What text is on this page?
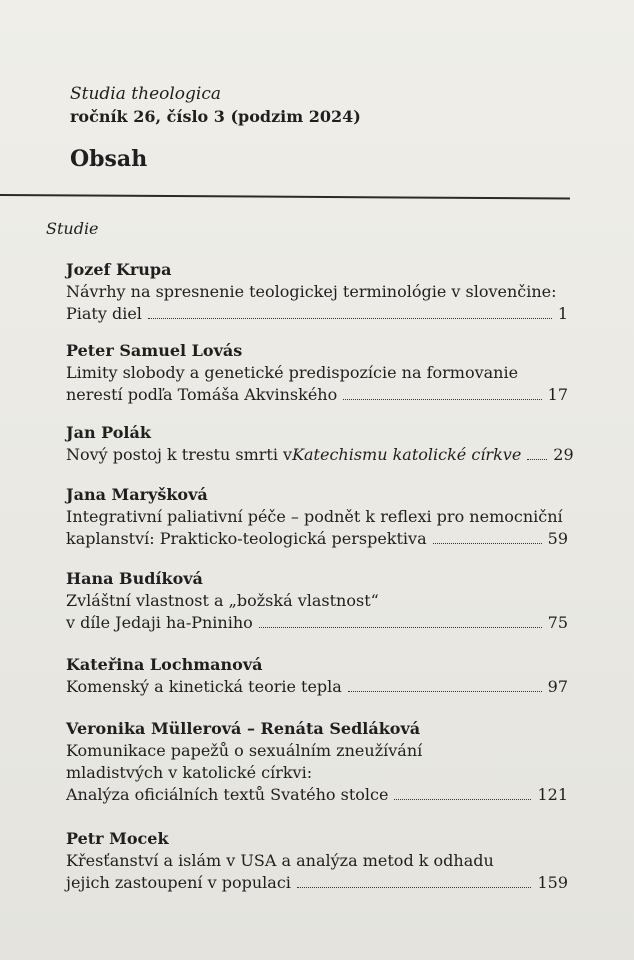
Studia theologica
ročník 26, číslo 3 (podzim 2024)
Obsah
Studie
Jozef Krupa
Návrhy na spresnenie teologickej terminológie v slovenčine:
Piaty diel	1
Peter Samuel Lovás
Limity slobody a genetické predispozície na formovanie
nerestí podľa Tomáša Akvinského	17
Jan Polák
Nový postoj k trestu smrti v Katechismu katolické církve 29
Jana Maryšková
Integrativní paliativní péče – podnět k reflexi pro nemocniční
kaplanství: Prakticko-teologická perspektiva	59
Hana Budíková
Zvláštní vlastnost a „božská vlastnost“
v díle Jedaji ha-Pniniho	75
Kateřina Lochmanová
Komenský a kinetická teorie tepla	97
Veronika Müllerová – Renáta Sedláková
Komunikace papežů o sexuálním zneužívání
mladistvých v katolické církvi:
Analýza oficiálních textů Svatého stolce	121
Petr Mocek
Křesťanství a islám v USA a analýza metod k odhadu
jejich zastoupení v populaci	159
